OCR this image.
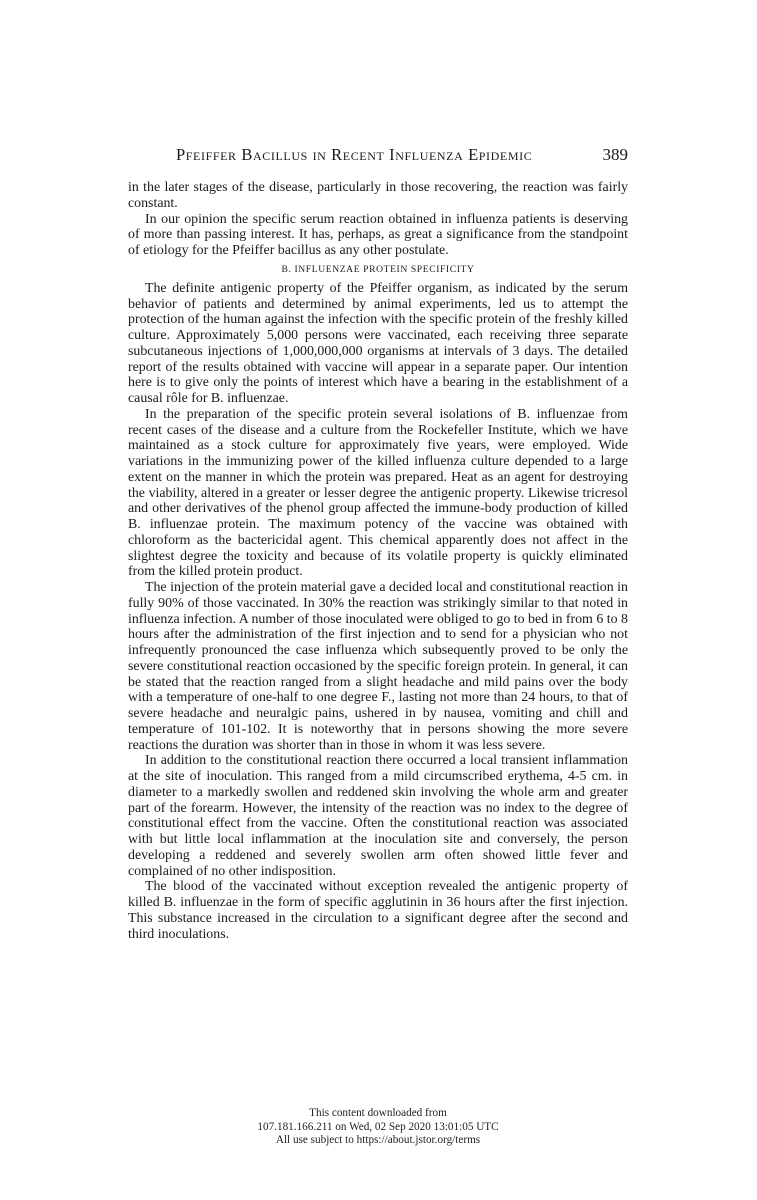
Pfeiffer Bacillus in Recent Influenza Epidemic	389

in the later stages of the disease, particularly in those recovering, the reaction was fairly constant.

In our opinion the specific serum reaction obtained in influenza patients is deserving of more than passing interest. It has, perhaps, as great a significance from the standpoint of etiology for the Pfeiffer bacillus as any other postulate.

B. INFLUENZAE PROTEIN SPECIFICITY

The definite antigenic property of the Pfeiffer organism, as indicated by the serum behavior of patients and determined by animal experiments, led us to attempt the protection of the human against the infection with the specific protein of the freshly killed culture. Approximately 5,000 persons were vaccinated, each receiving three separate subcutaneous injections of 1,000,000,000 organisms at intervals of 3 days. The detailed report of the results obtained with vaccine will appear in a separate paper. Our intention here is to give only the points of interest which have a bearing in the establishment of a causal rôle for B. influenzae.

In the preparation of the specific protein several isolations of B. influenzae from recent cases of the disease and a culture from the Rockefeller Institute, which we have maintained as a stock culture for approximately five years, were employed. Wide variations in the immunizing power of the killed influenza culture depended to a large extent on the manner in which the protein was prepared. Heat as an agent for destroying the viability, altered in a greater or lesser degree the antigenic property. Likewise tricresol and other derivatives of the phenol group affected the immune-body production of killed B. influenzae protein. The maximum potency of the vaccine was obtained with chloroform as the bactericidal agent. This chemical apparently does not affect in the slightest degree the toxicity and because of its volatile property is quickly eliminated from the killed protein product.

The injection of the protein material gave a decided local and constitutional reaction in fully 90% of those vaccinated. In 30% the reaction was strikingly similar to that noted in influenza infection. A number of those inoculated were obliged to go to bed in from 6 to 8 hours after the administration of the first injection and to send for a physician who not infrequently pronounced the case influenza which subsequently proved to be only the severe constitutional reaction occasioned by the specific foreign protein. In general, it can be stated that the reaction ranged from a slight headache and mild pains over the body with a temperature of one-half to one degree F., lasting not more than 24 hours, to that of severe headache and neuralgic pains, ushered in by nausea, vomiting and chill and temperature of 101-102. It is noteworthy that in persons showing the more severe reactions the duration was shorter than in those in whom it was less severe.

In addition to the constitutional reaction there occurred a local transient inflammation at the site of inoculation. This ranged from a mild circumscribed erythema, 4-5 cm. in diameter to a markedly swollen and reddened skin involving the whole arm and greater part of the forearm. However, the intensity of the reaction was no index to the degree of constitutional effect from the vaccine. Often the constitutional reaction was associated with but little local inflammation at the inoculation site and conversely, the person developing a reddened and severely swollen arm often showed little fever and complained of no other indisposition.

The blood of the vaccinated without exception revealed the antigenic property of killed B. influenzae in the form of specific agglutinin in 36 hours after the first injection. This substance increased in the circulation to a significant degree after the second and third inoculations.

This content downloaded from
107.181.166.211 on Wed, 02 Sep 2020 13:01:05 UTC
All use subject to https://about.jstor.org/terms
